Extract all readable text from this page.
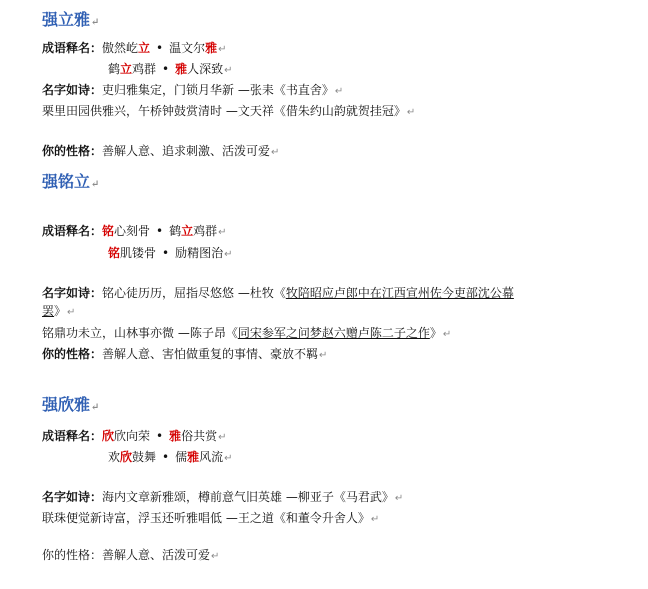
强立雅↵
成语释名：傲然屹立 • 温文尔雅↵
鹤立鸡群 • 雅人深致↵
名字如诗：吏归雅集定，门锁月华新 —张耒《书直舍》↵
栗里田园供雅兴，午桥钟鼓赏清时 —文天祥《借朱约山韵就贺挂冠》↵
你的性格：善解人意、追求刺激、活泼可爱↵
强铭立↵
成语释名：铭心刻骨 • 鹤立鸡群↵
铭肌镂骨 • 励精图治↵
名字如诗：铭心徒历历，屈指尽悠悠 —杜牧《牧陪昭应卢郎中在江西宣州佐今吏部沈公幕
罢》↵
铭鼎功未立，山林事亦微 —陈子昂《同宋参军之问梦赵六赠卢陈二子之作》↵
你的性格：善解人意、害怕做重复的事情、豪放不羁↵
强欣雅↵
成语释名：欣欣向荣 • 雅俗共赏↵
欢欣鼓舞 • 儒雅风流↵
名字如诗：海内文章新雅颂，樽前意气旧英雄 —柳亚子《马君武》↵
联珠便觉新诗富，浮玉还听雅唱低 —王之道《和董令升舍人》↵
你的性格：善解人意、活泼可爱↵
